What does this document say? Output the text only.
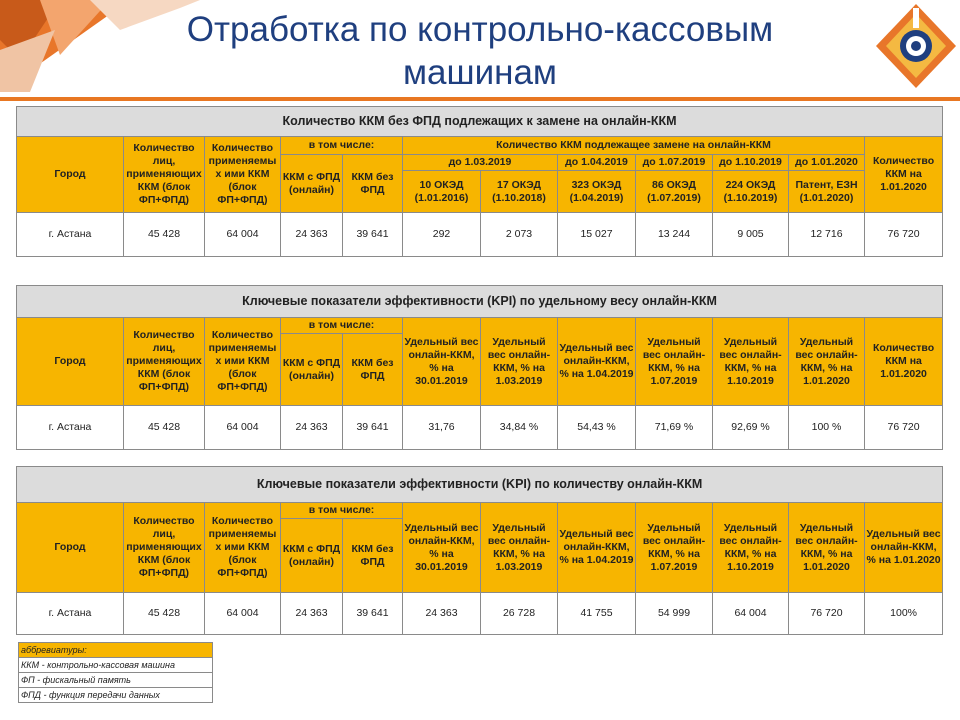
Отработка по контрольно-кассовым
машинам
Количество ККМ без ФПД подлежащих к замене на онлайн-ККМ											
Город	Количество лиц, применяющих ККМ (блок ФП+ФПД)	Количество применяемы х ими ККМ (блок ФП+ФПД)	в том числе:		Количество ККМ подлежащее замене на онлайн-ККМ						Количество ККМ на 1.01.2020
			ККМ с ФПД (онлайн)	ККМ без ФПД	до 1.03.2019		до 1.04.2019	до 1.07.2019	до 1.10.2019	до 1.01.2020	
					10 ОКЭД (1.01.2016)	17 ОКЭД (1.10.2018)	323 ОКЭД (1.04.2019)	86 ОКЭД (1.07.2019)	224 ОКЭД (1.10.2019)	Патент, ЕЗН (1.01.2020)	
г. Астана	45 428	64 004	24 363	39 641	292	2 073	15 027	13 244	9 005	12 716	76 720
Ключевые показатели эффективности (KPI) по удельному весу онлайн-ККМ											
Город	Количество лиц, применяющих ККМ (блок ФП+ФПД)	Количество применяемы х ими ККМ (блок ФП+ФПД)	в том числе:		Удельный вес онлайн-ККМ, % на 30.01.2019	Удельный вес онлайн-ККМ, % на 1.03.2019	Удельный вес онлайн-ККМ, % на 1.04.2019	Удельный вес онлайн-ККМ, % на 1.07.2019	Удельный вес онлайн-ККМ, % на 1.10.2019	Удельный вес онлайн-ККМ, % на 1.01.2020	Количество ККМ на 1.01.2020
			ККМ с ФПД (онлайн)	ККМ без ФПД							
г. Астана	45 428	64 004	24 363	39 641	31,76	34,84 %	54,43 %	71,69 %	92,69 %	100 %	76 720
Ключевые показатели эффективности (KPI) по количеству онлайн-ККМ											
Город	Количество лиц, применяющих ККМ (блок ФП+ФПД)	Количество применяемы х ими ККМ (блок ФП+ФПД)	в том числе:		Удельный вес онлайн-ККМ, % на 30.01.2019	Удельный вес онлайн-ККМ, % на 1.03.2019	Удельный вес онлайн-ККМ, % на 1.04.2019	Удельный вес онлайн-ККМ, % на 1.07.2019	Удельный вес онлайн-ККМ, % на 1.10.2019	Удельный вес онлайн-ККМ, % на 1.01.2020	Удельный вес онлайн-ККМ, % на 1.01.2020
			ККМ с ФПД (онлайн)	ККМ без ФПД							
г. Астана	45 428	64 004	24 363	39 641	24 363	26 728	41 755	54 999	64 004	76 720	100%
аббревиатуры:
ККМ - контрольно-кассовая машина
ФП - фискальный память
ФПД - функция передачи данных
